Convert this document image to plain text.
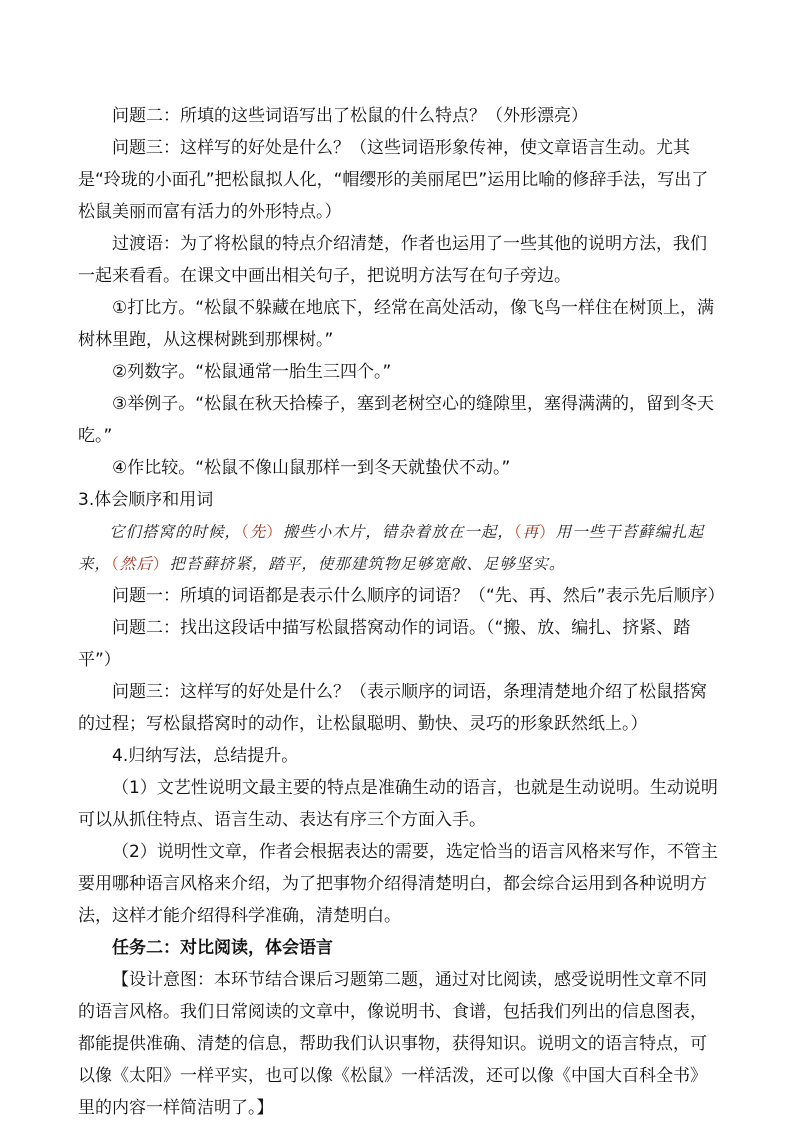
问题二：所填的这些词语写出了松鼠的什么特点？（外形漂亮）

问题三：这样写的好处是什么？（这些词语形象传神，使文章语言生动。尤其是“玲珑的小面孔”把松鼠拟人化，“帽缨形的美丽尾巴”运用比喻的修辞手法，写出了松鼠美丽而富有活力的外形特点。）

过渡语：为了将松鼠的特点介绍清楚，作者也运用了一些其他的说明方法，我们一起来看看。在课文中画出相关句子，把说明方法写在句子旁边。

①打比方。“松鼠不躲藏在地底下，经常在高处活动，像飞鸟一样住在树顶上，满树林里跑，从这棵树跳到那棵树。”

②列数字。“松鼠通常一胎生三四个。”

③举例子。“松鼠在秋天拾榛子，塞到老树空心的缝隙里，塞得满满的，留到冬天吃。”

④作比较。“松鼠不像山鼠那样一到冬天就蛰伏不动。”

3.体会顺序和用词

它们搭窝的时候，（先）搬些小木片，错杂着放在一起，（再）用一些干苔藓编扎起来，（然后）把苔藓挤紧，踏平，使那建筑物足够宽敞、足够坚实。

问题一：所填的词语都是表示什么顺序的词语？（“先、再、然后”表示先后顺序）

问题二：找出这段话中描写松鼠搭窝动作的词语。（“搬、放、编扎、挤紧、踏平”）

问题三：这样写的好处是什么？（表示顺序的词语，条理清楚地介绍了松鼠搭窝的过程；写松鼠搭窝时的动作，让松鼠聪明、勤快、灵巧的形象跃然纸上。）

4.归纳写法，总结提升。

（1）文艺性说明文最主要的特点是准确生动的语言，也就是生动说明。生动说明可以从抓住特点、语言生动、表达有序三个方面入手。

（2）说明性文章，作者会根据表达的需要，选定恰当的语言风格来写作，不管主要用哪种语言风格来介绍，为了把事物介绍得清楚明白，都会综合运用到各种说明方法，这样才能介绍得科学准确，清楚明白。

任务二：对比阅读，体会语言

【设计意图：本环节结合课后习题第二题，通过对比阅读，感受说明性文章不同的语言风格。我们日常阅读的文章中，像说明书、食谱，包括我们列出的信息图表，都能提供准确、清楚的信息，帮助我们认识事物，获得知识。说明文的语言特点，可以像《太阳》一样平实，也可以像《松鼠》一样活泼，还可以像《中国大百科全书》里的内容一样简洁明了。】
